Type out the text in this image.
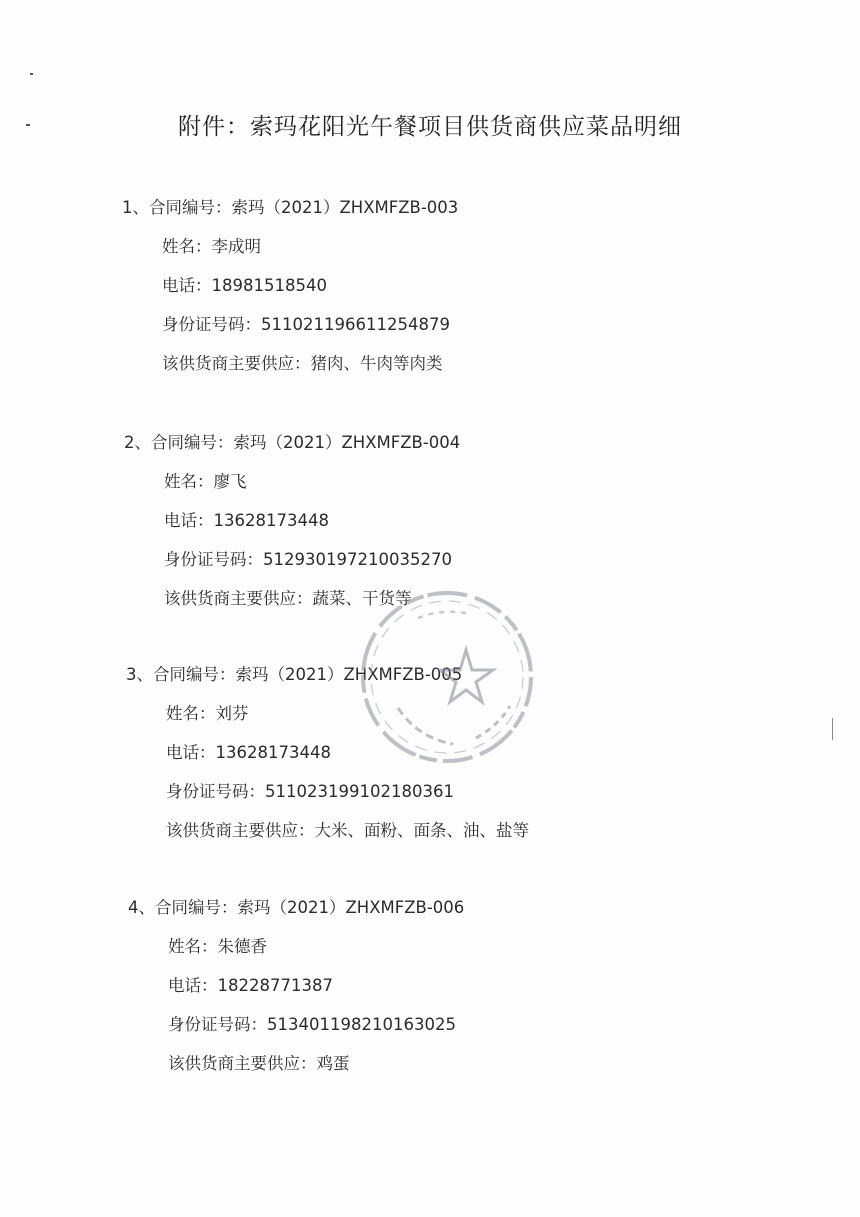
附件：索玛花阳光午餐项目供货商供应菜品明细
1、合同编号：索玛（2021）ZHXMFZB-003
姓名：李成明
电话：18981518540
身份证号码：511021196611254879
该供货商主要供应：猪肉、牛肉等肉类
2、合同编号：索玛（2021）ZHXMFZB-004
姓名：廖飞
电话：13628173448
身份证号码：512930197210035270
该供货商主要供应：蔬菜、干货等
3、合同编号：索玛（2021）ZHXMFZB-005
姓名：刘芬
电话：13628173448
身份证号码：511023199102180361
该供货商主要供应：大米、面粉、面条、油、盐等
4、合同编号：索玛（2021）ZHXMFZB-006
姓名：朱德香
电话：18228771387
身份证号码：513401198210163025
该供货商主要供应：鸡蛋
